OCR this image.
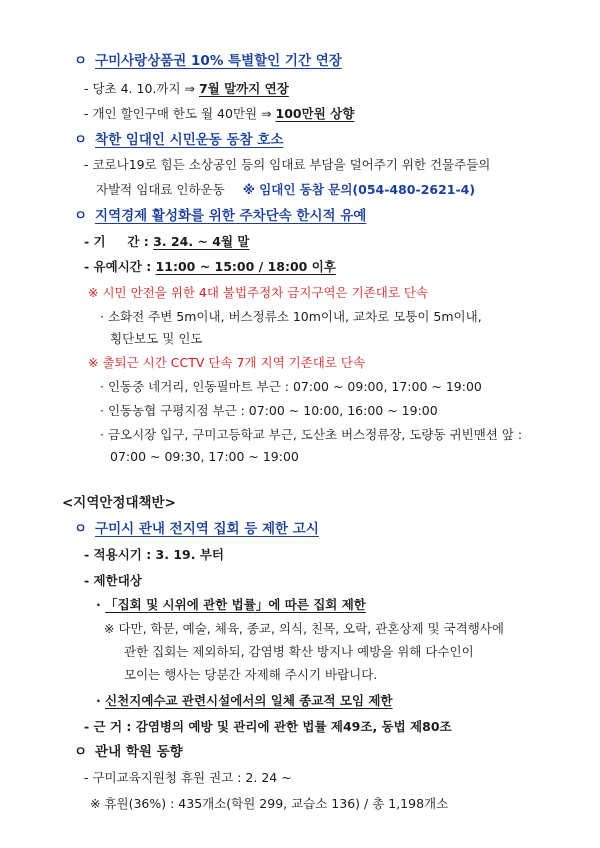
ㅇ 구미사랑상품권 10% 특별할인 기간 연장
- 당초 4. 10.까지 ⇒ 7월 말까지 연장
- 개인 할인구매 한도 월 40만원 ⇒ 100만원 상향
ㅇ 착한 임대인 시민운동 동참 호소
- 코로나19로 힘든 소상공인 등의 임대료 부담을 덜어주기 위한 건물주들의
자발적 임대료 인하운동 ※ 임대인 동참 문의(054-480-2621-4)
ㅇ 지역경제 활성화를 위한 주차단속 한시적 유예
- 기     간 : 3. 24. ~ 4월 말
- 유예시간 : 11:00 ~ 15:00 / 18:00 이후
※ 시민 안전을 위한 4대 불법주정차 금지구역은 기존대로 단속
· 소화전 주변 5m이내, 버스정류소 10m이내, 교차로 모퉁이 5m이내,
횡단보도 및 인도
※ 출퇴근 시간 CCTV 단속 7개 지역 기존대로 단속
· 인동중 네거리, 인동필마트 부근 : 07:00 ~ 09:00, 17:00 ~ 19:00
· 인동농협 구평지점 부근 : 07:00 ~ 10:00, 16:00 ~ 19:00
· 금오시장 입구, 구미고등학교 부근, 도산초 버스정류장, 도량동 귀빈맨션 앞 :
07:00 ~ 09:30, 17:00 ~ 19:00
<지역안정대책반>
ㅇ 구미시 관내 전지역 집회 등 제한 고시
- 적용시기 : 3. 19. 부터
- 제한대상
· 「집회 및 시위에 관한 법률」에 따른 집회 제한
※ 다만, 학문, 예술, 체육, 종교, 의식, 친목, 오락, 관혼상제 및 국격행사에
관한 집회는 제외하되, 감염병 확산 방지나 예방을 위해 다수인이
모이는 행사는 당분간 자제해 주시기 바랍니다.
· 신천지예수교 관련시설에서의 일체 종교적 모임 제한
- 근 거 : 감염병의 예방 및 관리에 관한 법률 제49조, 동법 제80조
ㅇ 관내 학원 동향
- 구미교육지원청 휴원 권고 : 2. 24 ~
※ 휴원(36%) : 435개소(학원 299, 교습소 136) / 총 1,198개소
